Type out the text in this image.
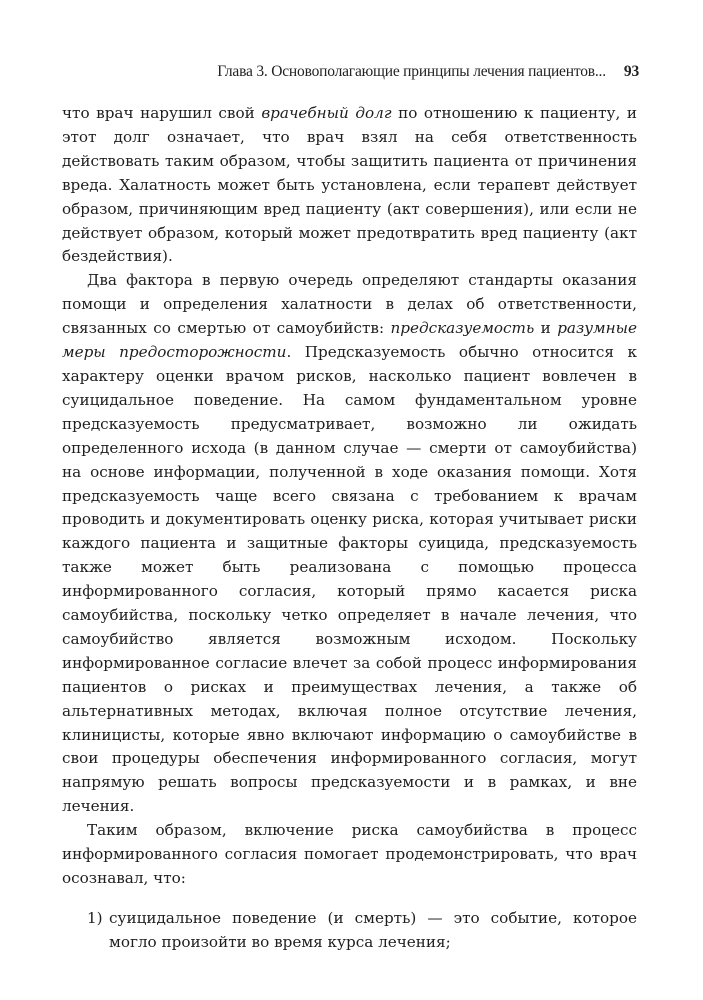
Глава 3. Основополагающие принципы лечения пациентов... 93

что врач нарушил свой врачебный долг по отношению к пациенту, и этот долг означает, что врач взял на себя ответственность действовать таким образом, чтобы защитить пациента от причинения вреда. Халатность может быть установлена, если терапевт действует образом, причиняющим вред пациенту (акт совершения), или если не действует образом, который может предотвратить вред пациенту (акт бездействия).

Два фактора в первую очередь определяют стандарты оказания помощи и определения халатности в делах об ответственности, связанных со смертью от самоубийств: предсказуемость и разумные меры предосторожности. Предсказуемость обычно относится к характеру оценки врачом рисков, насколько пациент вовлечен в суицидальное поведение. На самом фундаментальном уровне предсказуемость предусматривает, возможно ли ожидать определенного исхода (в данном случае — смерти от самоубийства) на основе информации, полученной в ходе оказания помощи. Хотя предсказуемость чаще всего связана с требованием к врачам проводить и документировать оценку риска, которая учитывает риски каждого пациента и защитные факторы суицида, предсказуемость также может быть реализована с помощью процесса информированного согласия, который прямо касается риска самоубийства, поскольку четко определяет в начале лечения, что самоубийство является возможным исходом. Поскольку информированное согласие влечет за собой процесс информирования пациентов о рисках и преимуществах лечения, а также об альтернативных методах, включая полное отсутствие лечения, клиницисты, которые явно включают информацию о самоубийстве в свои процедуры обеспечения информированного согласия, могут напрямую решать вопросы предсказуемости и в рамках, и вне лечения.

Таким образом, включение риска самоубийства в процесс информированного согласия помогает продемонстрировать, что врач осознавал, что:

1) суицидальное поведение (и смерть) — это событие, которое могло произойти во время курса лечения;
